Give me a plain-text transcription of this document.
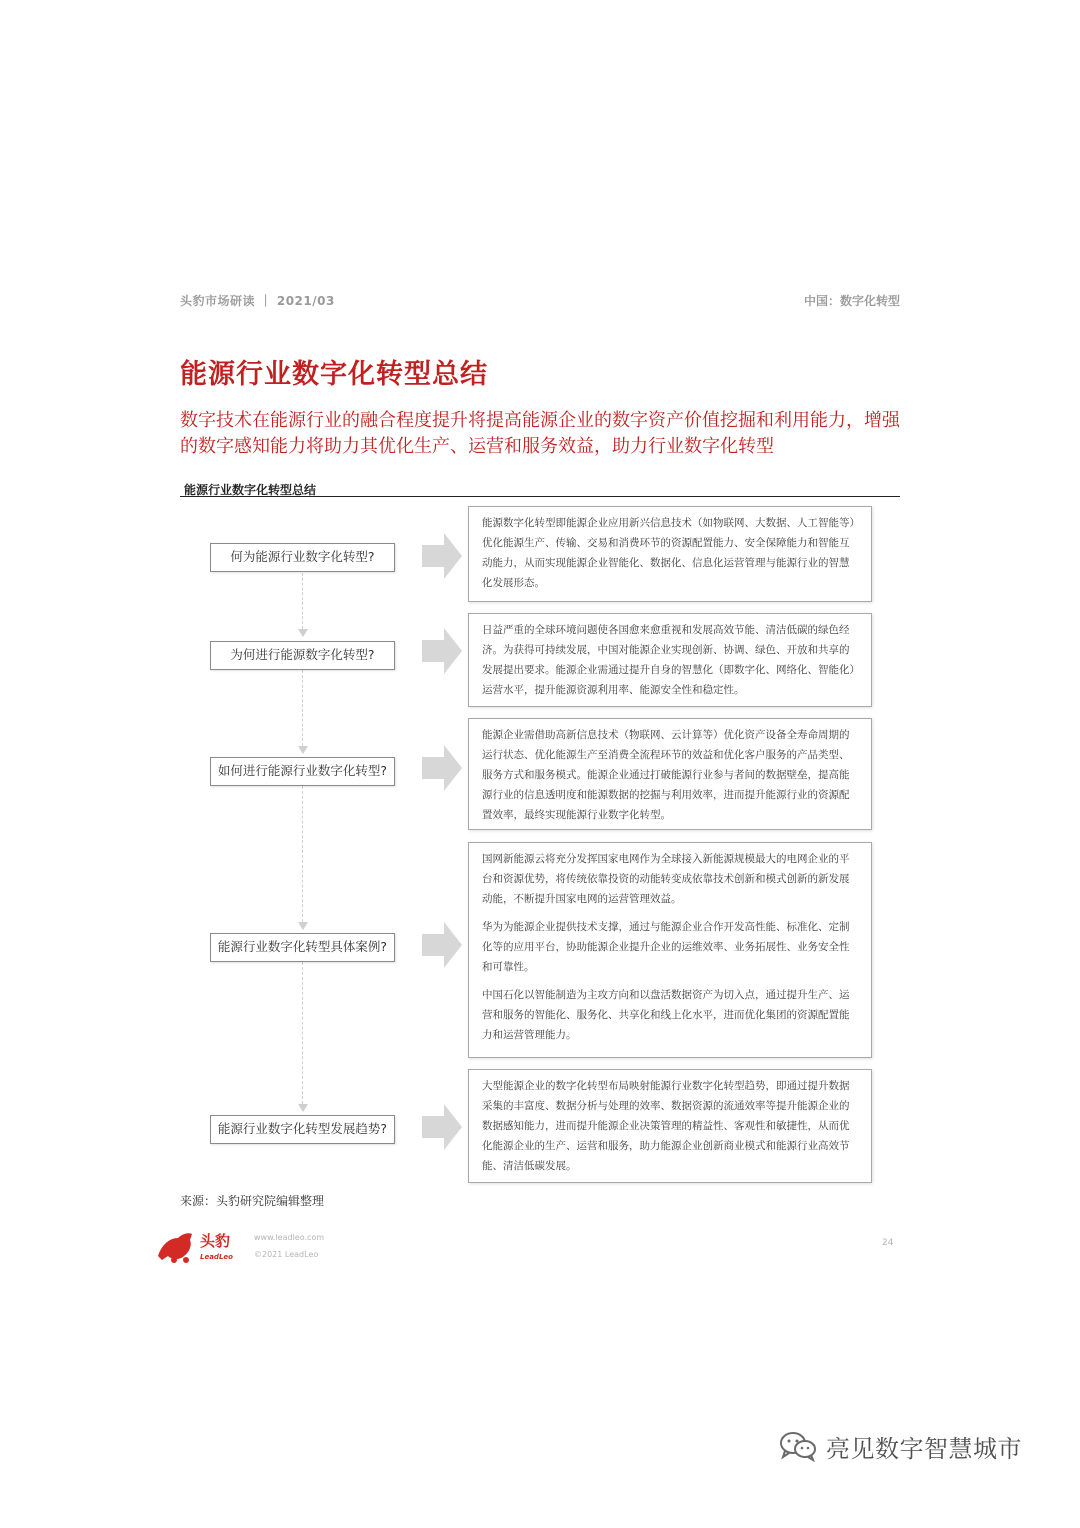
头豹市场研读 ｜ 2021/03	中国：数字化转型
能源行业数字化转型总结
数字技术在能源行业的融合程度提升将提高能源企业的数字资产价值挖掘和利用能力，增强的数字感知能力将助力其优化生产、运营和服务效益，助力行业数字化转型
能源行业数字化转型总结
何为能源行业数字化转型?

能源数字化转型即能源企业应用新兴信息技术（如物联网、大数据、人工智能等）优化能源生产、传输、交易和消费环节的资源配置能力、安全保障能力和智能互动能力，从而实现能源企业智能化、数据化、信息化运营管理与能源行业的智慧化发展形态。

为何进行能源数字化转型?

日益严重的全球环境问题使各国愈来愈重视和发展高效节能、清洁低碳的绿色经济。为获得可持续发展，中国对能源企业实现创新、协调、绿色、开放和共享的发展提出要求。能源企业需通过提升自身的智慧化（即数字化、网络化、智能化）运营水平，提升能源资源利用率、能源安全性和稳定性。

如何进行能源行业数字化转型?

能源企业需借助高新信息技术（物联网、云计算等）优化资产设备全寿命周期的运行状态、优化能源生产至消费全流程环节的效益和优化客户服务的产品类型、服务方式和服务模式。能源企业通过打破能源行业参与者间的数据壁垒，提高能源行业的信息透明度和能源数据的挖掘与利用效率，进而提升能源行业的资源配置效率，最终实现能源行业数字化转型。

能源行业数字化转型具体案例?

国网新能源云将充分发挥国家电网作为全球接入新能源规模最大的电网企业的平台和资源优势，将传统依靠投资的动能转变成依靠技术创新和模式创新的新发展动能，不断提升国家电网的运营管理效益。

华为为能源企业提供技术支撑，通过与能源企业合作开发高性能、标准化、定制化等的应用平台，协助能源企业提升企业的运维效率、业务拓展性、业务安全性和可靠性。

中国石化以智能制造为主攻方向和以盘活数据资产为切入点，通过提升生产、运营和服务的智能化、服务化、共享化和线上化水平，进而优化集团的资源配置能力和运营管理能力。

能源行业数字化转型发展趋势?

大型能源企业的数字化转型布局映射能源行业数字化转型趋势，即通过提升数据采集的丰富度、数据分析与处理的效率、数据资源的流通效率等提升能源企业的数据感知能力，进而提升能源企业决策管理的精益性、客观性和敏捷性，从而优化能源企业的生产、运营和服务，助力能源企业创新商业模式和能源行业高效节能、清洁低碳发展。

来源：头豹研究院编辑整理
头豹
LeadLeo
www.leadleo.com
©2021 LeadLeo
24
亮见数字智慧城市
